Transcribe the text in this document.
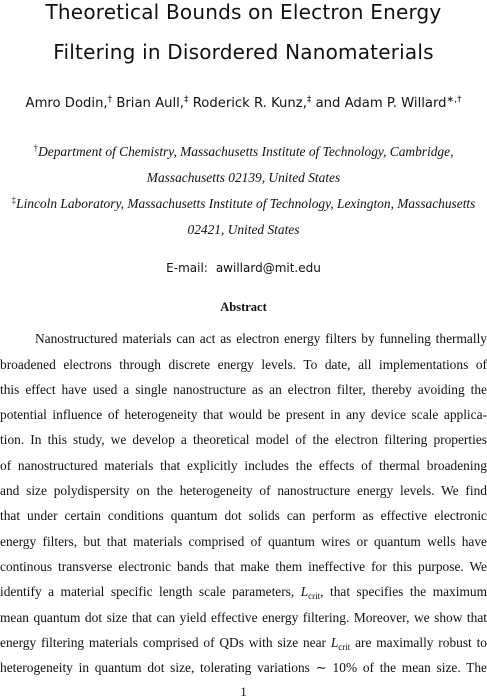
Theoretical Bounds on Electron Energy
Filtering in Disordered Nanomaterials
Amro Dodin,† Brian Aull,‡ Roderick R. Kunz,‡ and Adam P. Willard∗,†
†Department of Chemistry, Massachusetts Institute of Technology, Cambridge,
Massachusetts 02139, United States
‡Lincoln Laboratory, Massachusetts Institute of Technology, Lexington, Massachusetts
02421, United States
E-mail: awillard@mit.edu
Abstract
Nanostructured materials can act as electron energy filters by funneling thermally
broadened electrons through discrete energy levels. To date, all implementations of
this effect have used a single nanostructure as an electron filter, thereby avoiding the
potential influence of heterogeneity that would be present in any device scale applica-
tion. In this study, we develop a theoretical model of the electron filtering properties
of nanostructured materials that explicitly includes the effects of thermal broadening
and size polydispersity on the heterogeneity of nanostructure energy levels. We find
that under certain conditions quantum dot solids can perform as effective electronic
energy filters, but that materials comprised of quantum wires or quantum wells have
continous transverse electronic bands that make them ineffective for this purpose. We
identify a material specific length scale parameters, $L_{crit}$, that specifies the maximum
mean quantum dot size that can yield effective energy filtering. Moreover, we show that
energy filtering materials comprised of QDs with size near $L_{crit}$ are maximally robust to
heterogeneity in quantum dot size, tolerating variations ∼ 10% of the mean size. The
1
